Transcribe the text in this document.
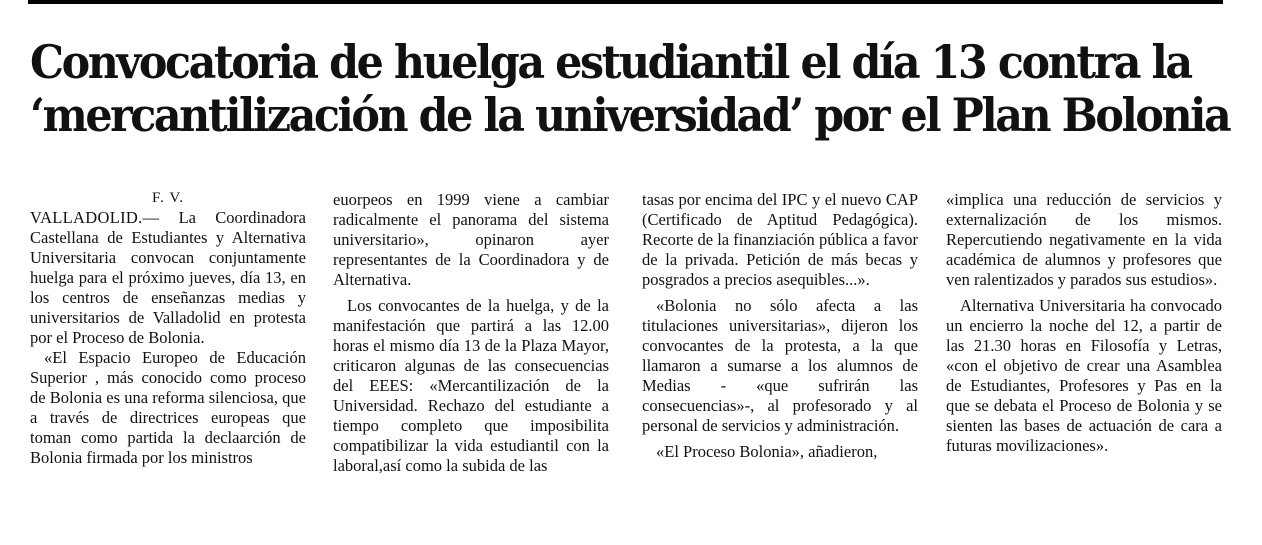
Convocatoria de huelga estudiantil el día 13 contra la
‘mercantilización de la universidad’ por el Plan Bolonia

F. V.

VALLADOLID.— La Coordinadora Castellana de Estudiantes y Alternativa Universitaria convocan conjuntamente huelga para el próximo jueves, día 13, en los centros de enseñanzas medias y universitarios de Valladolid en protesta por el Proceso de Bolonia.

«El Espacio Europeo de Educación Superior , más conocido como proceso de Bolonia es una reforma silenciosa, que a través de directrices europeas que toman como partida la declaarción de Bolonia firmada por los ministros

euorpeos en 1999 viene a cambiar radicalmente el panorama del sistema universitario», opinaron ayer representantes de la Coordinadora y de Alternativa.

Los convocantes de la huelga, y de la manifestación que partirá a las 12.00 horas el mismo día 13 de la Plaza Mayor, criticaron algunas de las consecuencias del EEES: «Mercantilización de la Universidad. Rechazo del estudiante a tiempo completo que imposibilita compatibilizar la vida estudiantil con la laboral,así como la subida de las

tasas por encima del IPC y el nuevo CAP (Certificado de Aptitud Pedagógica). Recorte de la finanziación pública a favor de la privada. Petición de más becas y posgrados a precios asequibles...».

«Bolonia no sólo afecta a las titulaciones universitarias», dijeron los convocantes de la protesta, a la que llamaron a sumarse a los alumnos de Medias - «que sufrirán las consecuencias»-, al profesorado y al personal de servicios y administración.

«El Proceso Bolonia», añadieron,

«implica una reducción de servicios y externalización de los mismos. Repercutiendo negativamente en la vida académica de alumnos y profesores que ven ralentizados y parados sus estudios».

Alternativa Universitaria ha convocado un encierro la noche del 12, a partir de las 21.30 horas en Filosofía y Letras, «con el objetivo de crear una Asamblea de Estudiantes, Profesores y Pas en la que se debata el Proceso de Bolonia y se sienten las bases de actuación de cara a futuras movilizaciones».
